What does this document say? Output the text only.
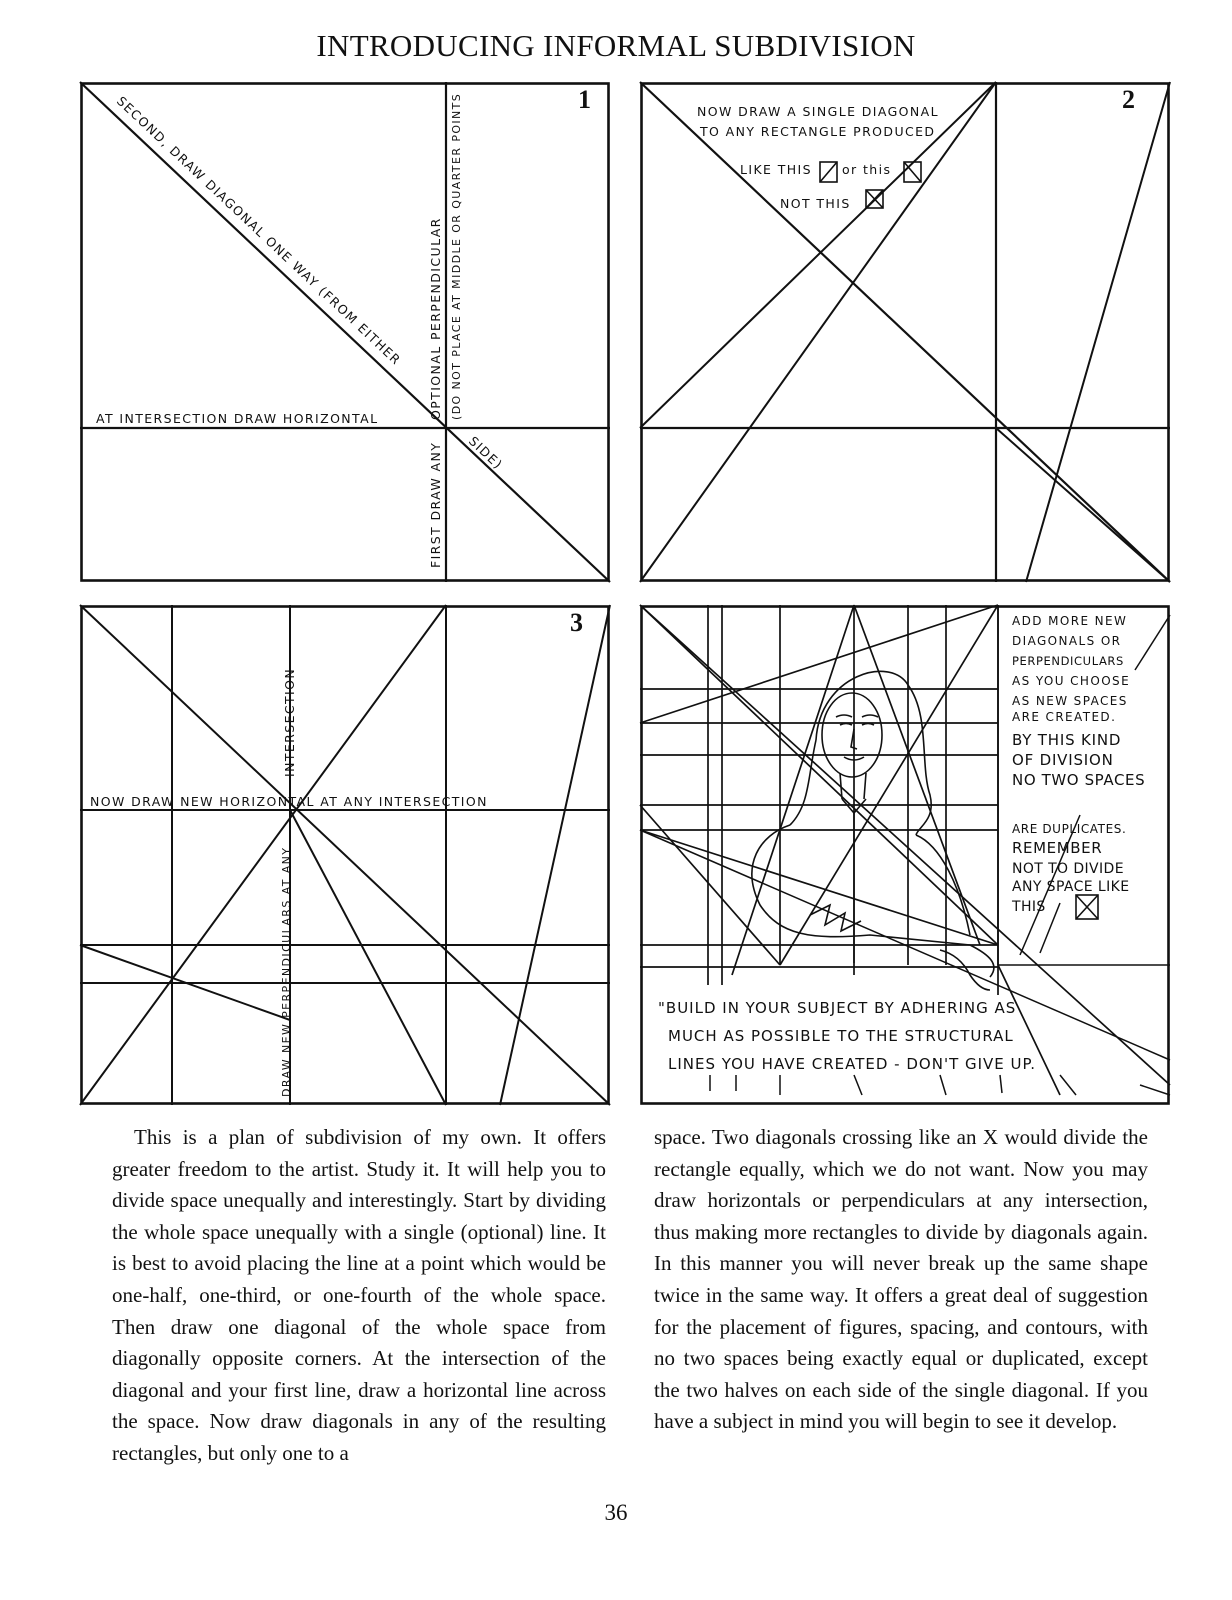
INTRODUCING INFORMAL SUBDIVISION
1
SECOND, DRAW DIAGONAL ONE WAY (FROM EITHER
SIDE)
AT INTERSECTION DRAW HORIZONTAL	OPTIONAL PERPENDICULAR (DO NOT PLACE AT MIDDLE OR QUARTER POINTS
FIRST DRAW ANY
2
NOW DRAW A SINGLE DIAGONAL
TO ANY RECTANGLE PRODUCED
LIKE THIS or this
NOT THIS
3
NOW DRAW NEW HORIZONTAL AT ANY INTERSECTION
INTERSECTION
DRAW NEW PERPENDICULARS AT ANY
ADD MORE NEW
DIAGONALS OR
PERPENDICULARS
AS YOU CHOOSE
AS NEW SPACES
ARE CREATED.
BY THIS KIND
OF DIVISION
NO TWO SPACES
ARE DUPLICATES.
REMEMBER
NOT TO DIVIDE
ANY SPACE LIKE
THIS
"BUILD IN YOUR SUBJECT BY ADHERING AS
MUCH AS POSSIBLE TO THE STRUCTURAL
LINES YOU HAVE CREATED - DON'T GIVE UP.

This is a plan of subdivision of my own. It offers greater freedom to the artist. Study it. It will help you to divide space unequally and interestingly. Start by dividing the whole space unequally with a single (optional) line. It is best to avoid placing the line at a point which would be one-half, one-third, or one-fourth of the whole space. Then draw one diagonal of the whole space from diagonally opposite corners. At the intersection of the diagonal and your first line, draw a horizontal line across the space. Now draw diagonals in any of the resulting rectangles, but only one to a

space. Two diagonals crossing like an X would divide the rectangle equally, which we do not want. Now you may draw horizontals or perpendiculars at any intersection, thus making more rectangles to divide by diagonals again. In this manner you will never break up the same shape twice in the same way. It offers a great deal of suggestion for the placement of figures, spacing, and contours, with no two spaces being exactly equal or duplicated, except the two halves on each side of the single diagonal. If you have a subject in mind you will begin to see it develop.

36
